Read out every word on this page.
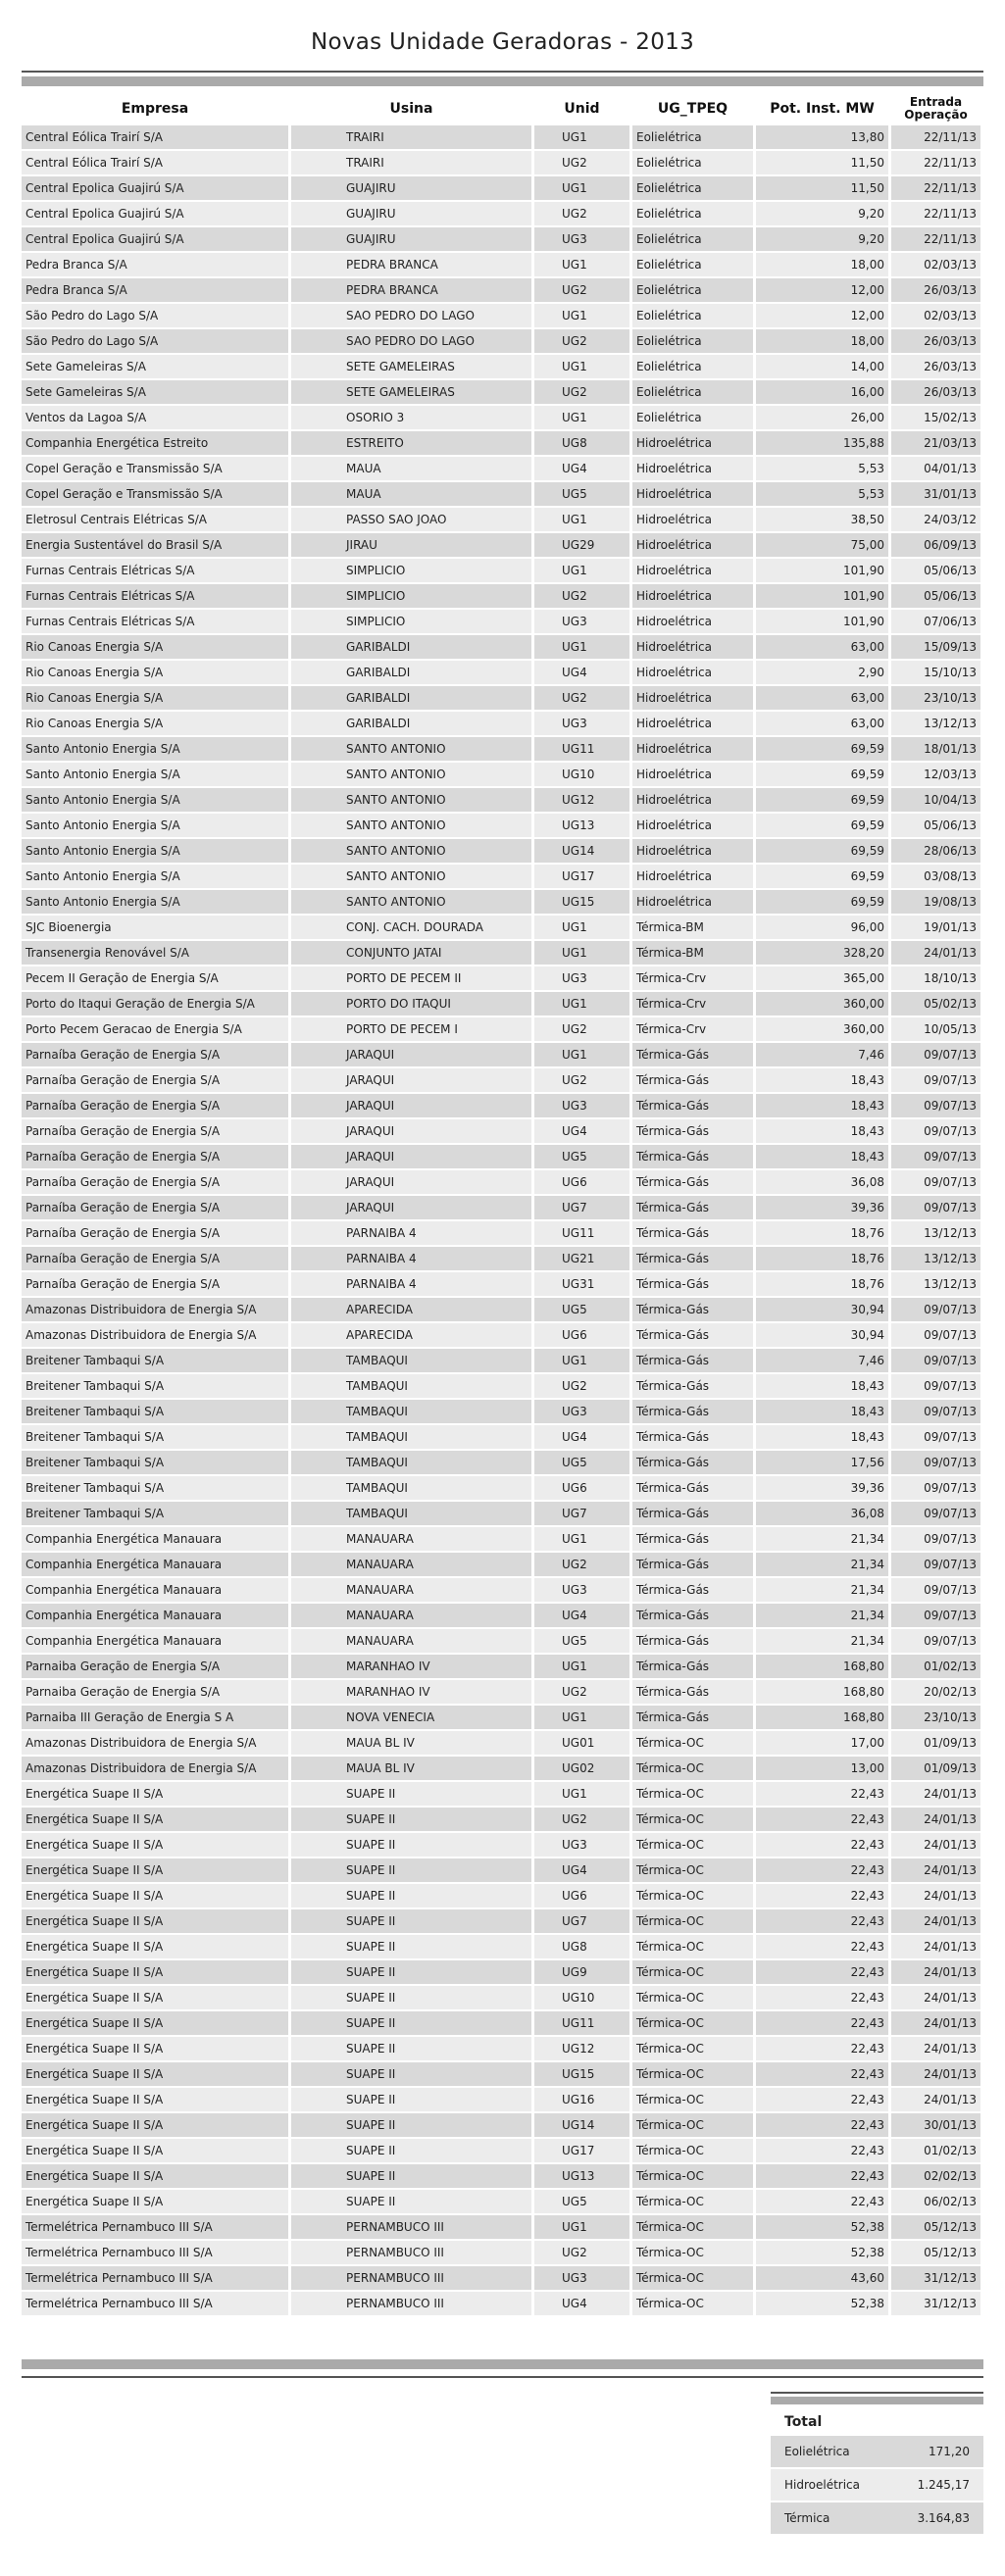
Novas Unidade Geradoras - 2013
Empresa	Usina	Unid	UG_TPEQ	Pot. Inst. MW	Entrada
Operação
Central Eólica Trairí S/A	TRAIRI	UG1	Eolielétrica	13,80	22/11/13
Central Eólica Trairí S/A	TRAIRI	UG2	Eolielétrica	11,50	22/11/13
Central Epolica Guajirú S/A	GUAJIRU	UG1	Eolielétrica	11,50	22/11/13
Central Epolica Guajirú S/A	GUAJIRU	UG2	Eolielétrica	9,20	22/11/13
Central Epolica Guajirú S/A	GUAJIRU	UG3	Eolielétrica	9,20	22/11/13
Pedra Branca S/A	PEDRA BRANCA	UG1	Eolielétrica	18,00	02/03/13
Pedra Branca S/A	PEDRA BRANCA	UG2	Eolielétrica	12,00	26/03/13
São Pedro do Lago S/A	SAO PEDRO DO LAGO	UG1	Eolielétrica	12,00	02/03/13
São Pedro do Lago S/A	SAO PEDRO DO LAGO	UG2	Eolielétrica	18,00	26/03/13
Sete Gameleiras S/A	SETE GAMELEIRAS	UG1	Eolielétrica	14,00	26/03/13
Sete Gameleiras S/A	SETE GAMELEIRAS	UG2	Eolielétrica	16,00	26/03/13
Ventos da Lagoa S/A	OSORIO 3	UG1	Eolielétrica	26,00	15/02/13
Companhia Energética Estreito	ESTREITO	UG8	Hidroelétrica	135,88	21/03/13
Copel Geração e Transmissão S/A	MAUA	UG4	Hidroelétrica	5,53	04/01/13
Copel Geração e Transmissão S/A	MAUA	UG5	Hidroelétrica	5,53	31/01/13
Eletrosul Centrais Elétricas S/A	PASSO SAO JOAO	UG1	Hidroelétrica	38,50	24/03/12
Energia Sustentável do Brasil S/A	JIRAU	UG29	Hidroelétrica	75,00	06/09/13
Furnas Centrais Elétricas S/A	SIMPLICIO	UG1	Hidroelétrica	101,90	05/06/13
Furnas Centrais Elétricas S/A	SIMPLICIO	UG2	Hidroelétrica	101,90	05/06/13
Furnas Centrais Elétricas S/A	SIMPLICIO	UG3	Hidroelétrica	101,90	07/06/13
Rio Canoas Energia S/A	GARIBALDI	UG1	Hidroelétrica	63,00	15/09/13
Rio Canoas Energia S/A	GARIBALDI	UG4	Hidroelétrica	2,90	15/10/13
Rio Canoas Energia S/A	GARIBALDI	UG2	Hidroelétrica	63,00	23/10/13
Rio Canoas Energia S/A	GARIBALDI	UG3	Hidroelétrica	63,00	13/12/13
Santo Antonio Energia S/A	SANTO ANTONIO	UG11	Hidroelétrica	69,59	18/01/13
Santo Antonio Energia S/A	SANTO ANTONIO	UG10	Hidroelétrica	69,59	12/03/13
Santo Antonio Energia S/A	SANTO ANTONIO	UG12	Hidroelétrica	69,59	10/04/13
Santo Antonio Energia S/A	SANTO ANTONIO	UG13	Hidroelétrica	69,59	05/06/13
Santo Antonio Energia S/A	SANTO ANTONIO	UG14	Hidroelétrica	69,59	28/06/13
Santo Antonio Energia S/A	SANTO ANTONIO	UG17	Hidroelétrica	69,59	03/08/13
Santo Antonio Energia S/A	SANTO ANTONIO	UG15	Hidroelétrica	69,59	19/08/13
SJC Bioenergia	CONJ. CACH. DOURADA	UG1	Térmica-BM	96,00	19/01/13
Transenergia Renovável S/A	CONJUNTO JATAI	UG1	Térmica-BM	328,20	24/01/13
Pecem II Geração de Energia S/A	PORTO DE PECEM II	UG3	Térmica-Crv	365,00	18/10/13
Porto do Itaqui Geração de Energia S/A	PORTO DO ITAQUI	UG1	Térmica-Crv	360,00	05/02/13
Porto Pecem Geracao de Energia S/A	PORTO DE PECEM I	UG2	Térmica-Crv	360,00	10/05/13
Parnaíba Geração de Energia S/A	JARAQUI	UG1	Térmica-Gás	7,46	09/07/13
Parnaíba Geração de Energia S/A	JARAQUI	UG2	Térmica-Gás	18,43	09/07/13
Parnaíba Geração de Energia S/A	JARAQUI	UG3	Térmica-Gás	18,43	09/07/13
Parnaíba Geração de Energia S/A	JARAQUI	UG4	Térmica-Gás	18,43	09/07/13
Parnaíba Geração de Energia S/A	JARAQUI	UG5	Térmica-Gás	18,43	09/07/13
Parnaíba Geração de Energia S/A	JARAQUI	UG6	Térmica-Gás	36,08	09/07/13
Parnaíba Geração de Energia S/A	JARAQUI	UG7	Térmica-Gás	39,36	09/07/13
Parnaíba Geração de Energia S/A	PARNAIBA 4	UG11	Térmica-Gás	18,76	13/12/13
Parnaíba Geração de Energia S/A	PARNAIBA 4	UG21	Térmica-Gás	18,76	13/12/13
Parnaíba Geração de Energia S/A	PARNAIBA 4	UG31	Térmica-Gás	18,76	13/12/13
Amazonas Distribuidora de Energia S/A	APARECIDA	UG5	Térmica-Gás	30,94	09/07/13
Amazonas Distribuidora de Energia S/A	APARECIDA	UG6	Térmica-Gás	30,94	09/07/13
Breitener Tambaqui S/A	TAMBAQUI	UG1	Térmica-Gás	7,46	09/07/13
Breitener Tambaqui S/A	TAMBAQUI	UG2	Térmica-Gás	18,43	09/07/13
Breitener Tambaqui S/A	TAMBAQUI	UG3	Térmica-Gás	18,43	09/07/13
Breitener Tambaqui S/A	TAMBAQUI	UG4	Térmica-Gás	18,43	09/07/13
Breitener Tambaqui S/A	TAMBAQUI	UG5	Térmica-Gás	17,56	09/07/13
Breitener Tambaqui S/A	TAMBAQUI	UG6	Térmica-Gás	39,36	09/07/13
Breitener Tambaqui S/A	TAMBAQUI	UG7	Térmica-Gás	36,08	09/07/13
Companhia Energética Manauara	MANAUARA	UG1	Térmica-Gás	21,34	09/07/13
Companhia Energética Manauara	MANAUARA	UG2	Térmica-Gás	21,34	09/07/13
Companhia Energética Manauara	MANAUARA	UG3	Térmica-Gás	21,34	09/07/13
Companhia Energética Manauara	MANAUARA	UG4	Térmica-Gás	21,34	09/07/13
Companhia Energética Manauara	MANAUARA	UG5	Térmica-Gás	21,34	09/07/13
Parnaiba Geração de Energia S/A	MARANHAO IV	UG1	Térmica-Gás	168,80	01/02/13
Parnaiba Geração de Energia S/A	MARANHAO IV	UG2	Térmica-Gás	168,80	20/02/13
Parnaiba III Geração de Energia S A	NOVA VENECIA	UG1	Térmica-Gás	168,80	23/10/13
Amazonas Distribuidora de Energia S/A	MAUA BL IV	UG01	Térmica-OC	17,00	01/09/13
Amazonas Distribuidora de Energia S/A	MAUA BL IV	UG02	Térmica-OC	13,00	01/09/13
Energética Suape II S/A	SUAPE II	UG1	Térmica-OC	22,43	24/01/13
Energética Suape II S/A	SUAPE II	UG2	Térmica-OC	22,43	24/01/13
Energética Suape II S/A	SUAPE II	UG3	Térmica-OC	22,43	24/01/13
Energética Suape II S/A	SUAPE II	UG4	Térmica-OC	22,43	24/01/13
Energética Suape II S/A	SUAPE II	UG6	Térmica-OC	22,43	24/01/13
Energética Suape II S/A	SUAPE II	UG7	Térmica-OC	22,43	24/01/13
Energética Suape II S/A	SUAPE II	UG8	Térmica-OC	22,43	24/01/13
Energética Suape II S/A	SUAPE II	UG9	Térmica-OC	22,43	24/01/13
Energética Suape II S/A	SUAPE II	UG10	Térmica-OC	22,43	24/01/13
Energética Suape II S/A	SUAPE II	UG11	Térmica-OC	22,43	24/01/13
Energética Suape II S/A	SUAPE II	UG12	Térmica-OC	22,43	24/01/13
Energética Suape II S/A	SUAPE II	UG15	Térmica-OC	22,43	24/01/13
Energética Suape II S/A	SUAPE II	UG16	Térmica-OC	22,43	24/01/13
Energética Suape II S/A	SUAPE II	UG14	Térmica-OC	22,43	30/01/13
Energética Suape II S/A	SUAPE II	UG17	Térmica-OC	22,43	01/02/13
Energética Suape II S/A	SUAPE II	UG13	Térmica-OC	22,43	02/02/13
Energética Suape II S/A	SUAPE II	UG5	Térmica-OC	22,43	06/02/13
Termelétrica Pernambuco III S/A	PERNAMBUCO III	UG1	Térmica-OC	52,38	05/12/13
Termelétrica Pernambuco III S/A	PERNAMBUCO III	UG2	Térmica-OC	52,38	05/12/13
Termelétrica Pernambuco III S/A	PERNAMBUCO III	UG3	Térmica-OC	43,60	31/12/13
Termelétrica Pernambuco III S/A	PERNAMBUCO III	UG4	Térmica-OC	52,38	31/12/13
Total
Eolielétrica	171,20
Hidroelétrica	1.245,17
Térmica	3.164,83
